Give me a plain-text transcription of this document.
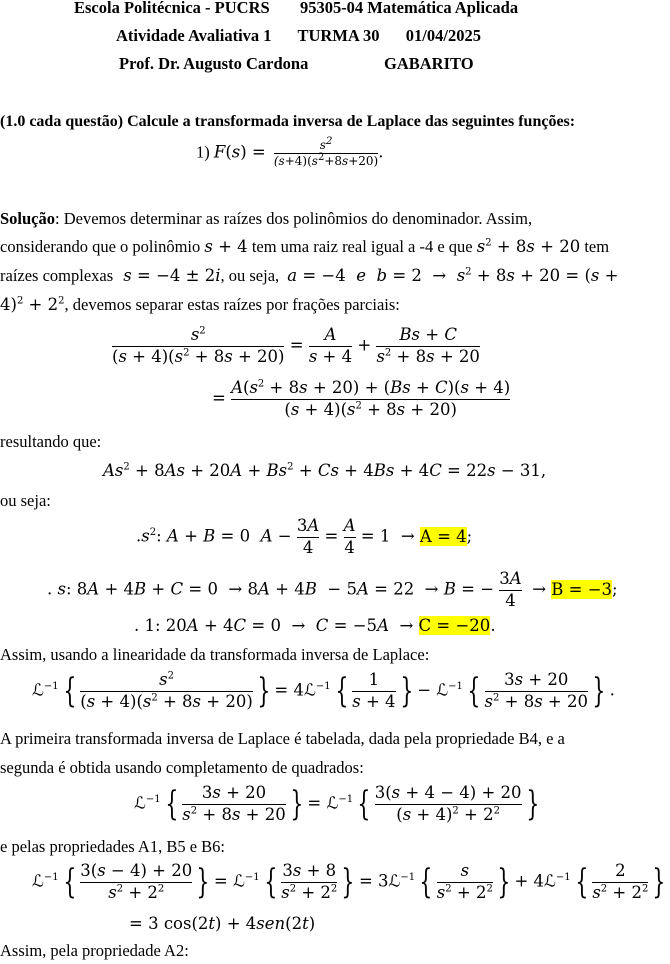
Escola Politécnica - PUCRS 95305-04 Matemática Aplicada
Atividade Avaliativa 1 TURMA 30 01/04/2025
Prof. Dr. Augusto Cardona	GABARITO
(1.0 cada questão) Calcule a transformada inversa de Laplace das seguintes funções:
1) $F(s) = \frac{s^2}{(s+4)(s^2+8s+20)}$ .
Solução: Devemos determinar as raízes dos polinômios do denominador. Assim,
considerando que o polinômio s + 4 tem uma raiz real igual a -4 e que $s^2 + 8s + 20$ tem
raízes complexas s = −4 ± 2i, ou seja, a = −4  e $b = 2 \to s^2 + 8s + 20 = (s$ +
$4)^2 + 2^2$, devemos separar estas raízes por frações parciais:
$\frac{s^2}{(s + 4)(s^2 + 8s + 20)} = \frac{A}{s + 4} + \frac{Bs + C}{s^2 + 8s + 20}$
= $\frac{A(s^2 + 8s + 20) + (Bs + C)(s + 4)}{(s + 4)(s^2 + 8s + 20)}$
resultando que:
$As^2 + 8As + 20A + Bs^2 + Cs + 4Bs + 4C = 22s - 31$,
ou seja:
$.s^2$: A + B = 0  $A - \frac{3A}{4} = \frac{A}{4} = 1 \to A = 4$;
. s: 8A + 4B + C = 0  → 8A + 4B  − 5A = 22  → B = − $\frac{3A}{4} \to B = -3$;
. 1: 20A + 4C = 0  →  C = −5A  → C = −20.
Assim, usando a linearidade da transformada inversa de Laplace:
ℒ$^{-1}$ { $\frac{s^2}{(s + 4)(s^2 + 8s + 20)}$ } = 4ℒ$^{-1}$ { $\frac{1}{s + 4}$ } − ℒ$^{-1}$ { $\frac{3s + 20}{s^2 + 8s + 20}$ } .
A primeira transformada inversa de Laplace é tabelada, dada pela propriedade B4, e a
segunda é obtida usando completamento de quadrados:
ℒ$^{-1}$ { $\frac{3s + 20}{s^2 + 8s + 20}$ } = ℒ$^{-1}$ { $\frac{3(s + 4 - 4) + 20}{(s + 4)^2 + 2^2}$ }
e pelas propriedades A1, B5 e B6:
ℒ$^{-1}$ { $\frac{3(s - 4) + 20}{s^2 + 2^2}$ } = ℒ$^{-1}$ { $\frac{3s + 8}{s^2 + 2^2}$ } = 3ℒ$^{-1}$ { $\frac{s}{s^2 + 2^2}$ } + 4ℒ$^{-1}$ { $\frac{2}{s^2 + 2^2}$ }
= 3 cos(2t) + 4sen(2t)
Assim, pela propriedade A2:
